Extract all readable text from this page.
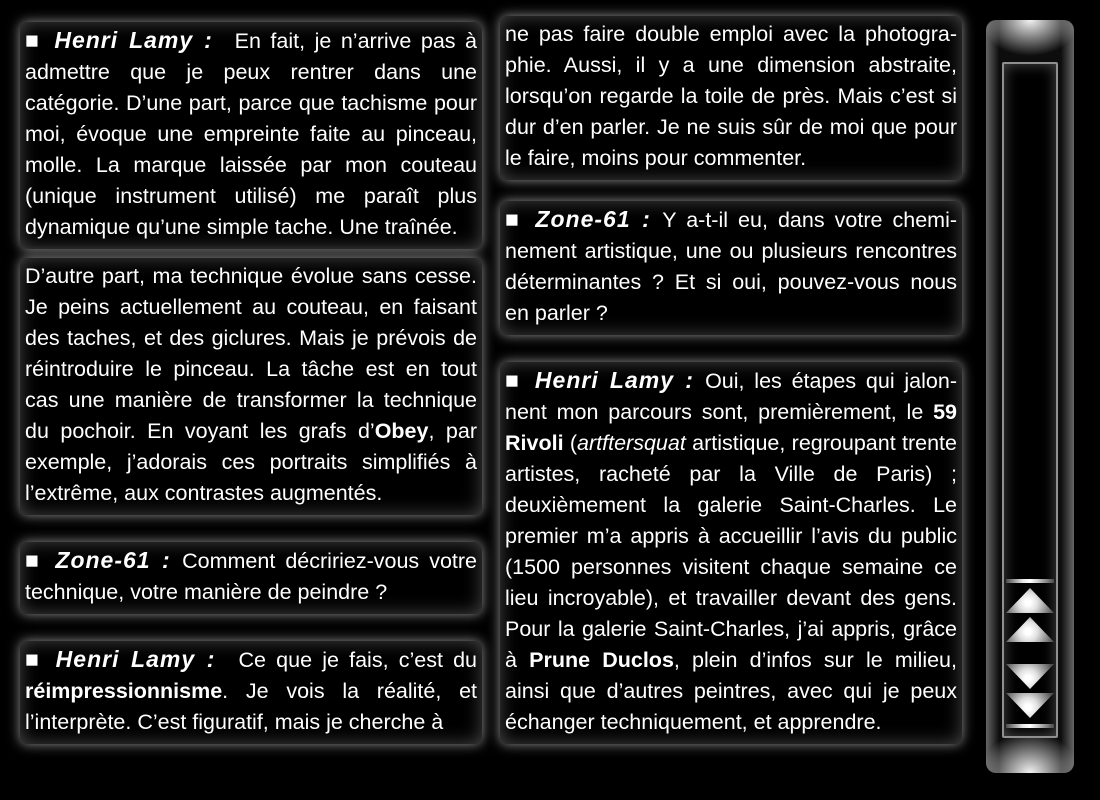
■ Henri Lamy :  En fait, je n’arrive pas à admettre que je peux rentrer dans une catégorie. D’une part, parce que tachisme pour moi, évoque une empreinte faite au pinceau, molle. La marque laissée par mon couteau (unique instrument utilisé) me paraît plus dynamique qu’une simple tache. Une traînée.
D’autre part, ma technique évolue sans cesse. Je peins actuellement au couteau, en faisant des taches, et des giclures. Mais je prévois de réintroduire le pinceau. La tâche est en tout cas une manière de transformer la technique du pochoir. En voyant les grafs d’Obey, par exemple, j’adorais ces portraits simplifiés à l’extrême, aux contrastes augmentés.
■ Zone-61 : Comment décririez-vous votre technique, votre manière de peindre ?
■ Henri Lamy :  Ce que je fais, c’est du réimpressionnisme. Je vois la réalité, et l’interprète. C’est figuratif, mais je cherche à
ne pas faire double emploi avec la photographie. Aussi, il y a une dimension abstraite, lorsqu’on regarde la toile de près. Mais c’est si dur d’en parler. Je ne suis sûr de moi que pour le faire, moins pour commenter.
■ Zone-61 : Y a-t-il eu, dans votre cheminement artistique, une ou plusieurs rencontres déterminantes ? Et si oui, pouvez-vous nous en parler ?
■ Henri Lamy : Oui, les étapes qui jalonnent mon parcours sont, premièrement, le 59 Rivoli (artftersquat artistique, regroupant trente artistes, racheté par la Ville de Paris) ; deuxièmement la galerie Saint-Charles. Le premier m’a appris à accueillir l’avis du public (1500 personnes visitent chaque semaine ce lieu incroyable), et travailler devant des gens. Pour la galerie Saint-Charles, j’ai appris, grâce à Prune Duclos, plein d’infos sur le milieu, ainsi que d’autres peintres, avec qui je peux échanger techniquement, et apprendre.
